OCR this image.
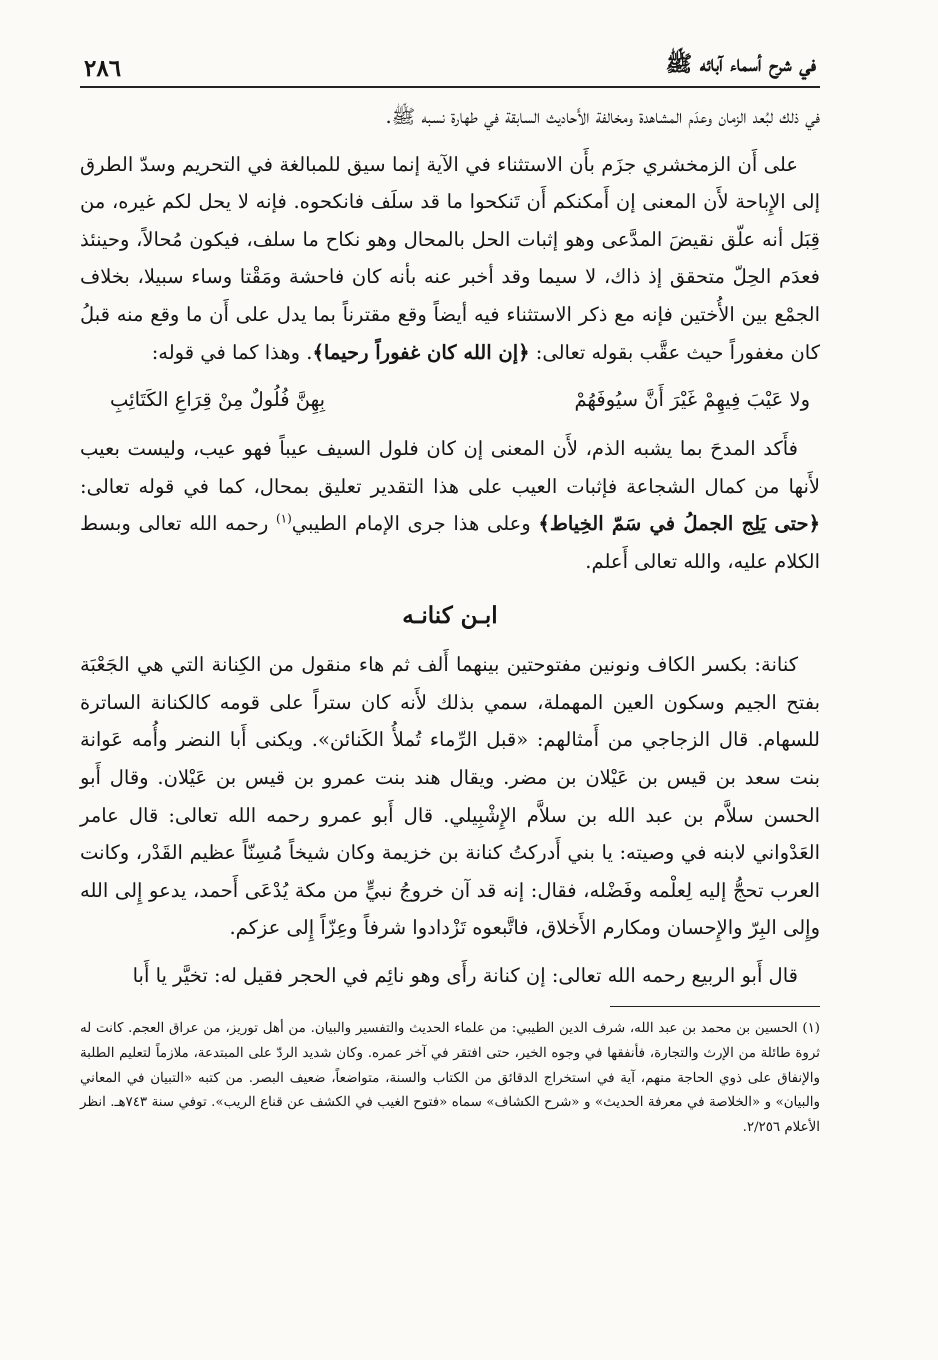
في شرح أسماء آبائه ﷺ
٢٨٦

في ذلك لبُعد الزمان وعدَم المشاهدة ومخالفة الأَحاديث السابقة في طهارة نسبه ﷺ.

على أَن الزمخشري جزَم بأَن الاستثناء في الآية إنما سيق للمبالغة في التحريم وسدّ الطرق إلى الإِباحة لأَن المعنى إن أَمكنكم أَن تَنكحوا ما قد سلَف فانكحوه. فإنه لا يحل لكم غيره، من قِبَل أنه علّق نقيضَ المدَّعى وهو إثبات الحل بالمحال وهو نكاح ما سلف، فيكون مُحالاً، وحينئذ فعدَم الحِلّ متحقق إذ ذاك، لا سيما وقد أخبر عنه بأنه كان فاحشة ومَقْتا وساء سبيلا، بخلاف الجمْع بين الأُختين فإنه مع ذكر الاستثناء فيه أيضاً وقع مقترناً بما يدل على أَن ما وقع منه قبلُ كان مغفوراً حيث عقَّب بقوله تعالى: ﴿إن الله كان غفوراً رحيما﴾. وهذا كما في قوله:

ولا عَيْبَ فِيهِمْ غَيْرَ أَنَّ سيُوفَهُمْ
بِهِنَّ فُلُولٌ مِنْ قِرَاعِ الكَتَائِبِ

فأَكد المدحَ بما يشبه الذم، لأَن المعنى إن كان فلول السيف عيباً فهو عيب، وليست بعيب لأَنها من كمال الشجاعة فإثبات العيب على هذا التقدير تعليق بمحال، كما في قوله تعالى: ﴿حتى يَلِج الجملُ في سَمّ الخِياط﴾ وعلى هذا جرى الإمام الطيبي$^{(١)}$ رحمه الله تعالى وبسط الكلام عليه، والله تعالى أَعلم.

ابـن كنانـه

كنانة: بكسر الكاف ونونين مفتوحتين بينهما أَلف ثم هاء منقول من الكِنانة التي هي الجَعْبَة بفتح الجيم وسكون العين المهملة، سمي بذلك لأَنه كان ستراً على قومه كالكنانة الساترة للسهام. قال الزجاجي من أَمثالهم: «قبل الرِّماء تُملأُ الكَنائن». ويكنى أَبا النضر وأُمه عَوانة بنت سعد بن قيس بن عَيْلان بن مضر. ويقال هند بنت عمرو بن قيس بن عَيْلان. وقال أَبو الحسن سلاَّم بن عبد الله بن سلاَّم الإِشْبِيلي. قال أَبو عمرو رحمه الله تعالى: قال عامر العَدْواني لابنه في وصيته: يا بني أَدركتُ كنانة بن خزيمة وكان شيخاً مُسِنّاً عظيم القَدْر، وكانت العرب تحجُّ إليه لِعلْمه وفَضْله، فقال: إنه قد آن خروجُ نبيٍّ من مكة يُدْعَى أَحمد، يدعو إِلى الله وإِلى البِرّ والإِحسان ومكارم الأَخلاق، فاتَّبعوه تَزْدادوا شرفاً وعِزّاً إِلى عزكم.

قال أَبو الربيع رحمه الله تعالى: إن كنانة رأَى وهو نائِم في الحجر فقيل له: تخيَّر يا أَبا

(١) الحسين بن محمد بن عبد الله، شرف الدين الطيبي: من علماء الحديث والتفسير والبيان. من أهل توريز، من عراق العجم. كانت له ثروة طائلة من الإرث والتجارة، فأنفقها في وجوه الخير، حتى افتقر في آخر عمره. وكان شديد الردّ على المبتدعة، ملازماً لتعليم الطلبة والإنفاق على ذوي الحاجة منهم، آية في استخراج الدقائق من الكتاب والسنة، متواضعاً، ضعيف البصر. من كتبه «التبيان في المعاني والبيان» و «الخلاصة في معرفة الحديث» و «شرح الكشاف» سماه «فتوح الغيب في الكشف عن قناع الريب». توفي سنة ٧٤٣هـ. انظر الأعلام ٢/٢٥٦.
